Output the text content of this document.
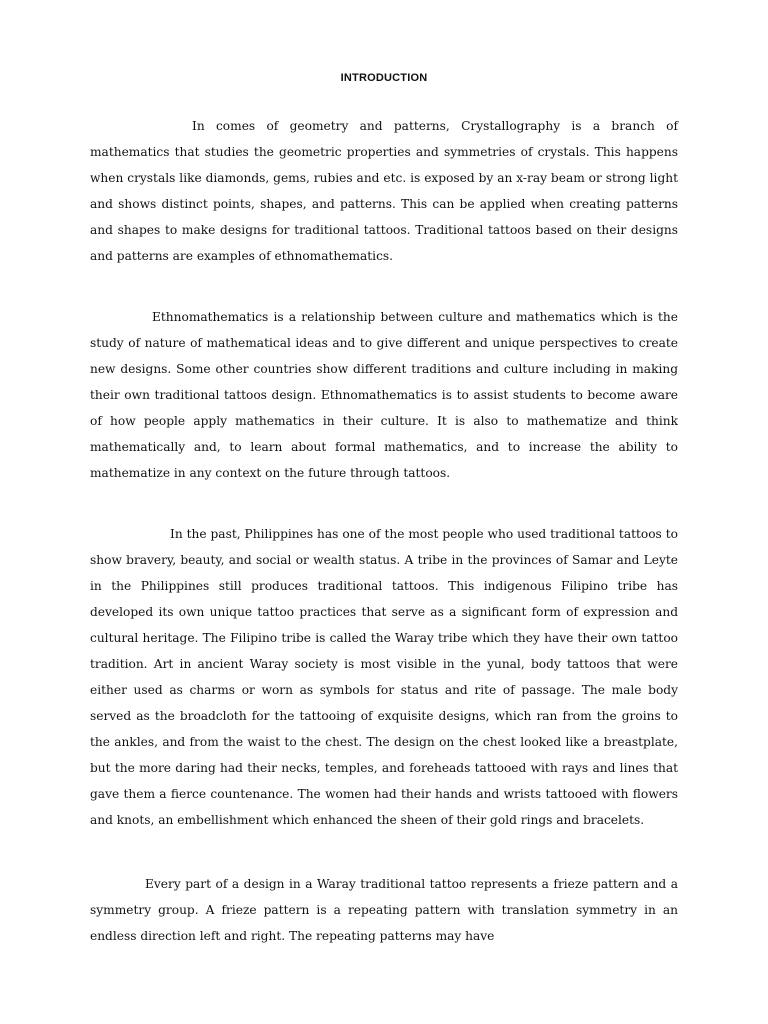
INTRODUCTION

In comes of geometry and patterns, Crystallography is a branch of mathematics that studies the geometric properties and symmetries of crystals. This happens when crystals like diamonds, gems, rubies and etc. is exposed by an x-ray beam or strong light and shows distinct points, shapes, and patterns. This can be applied when creating patterns and shapes to make designs for traditional tattoos. Traditional tattoos based on their designs and patterns are examples of ethnomathematics.

Ethnomathematics is a relationship between culture and mathematics which is the study of nature of mathematical ideas and to give different and unique perspectives to create new designs. Some other countries show different traditions and culture including in making their own traditional tattoos design. Ethnomathematics is to assist students to become aware of how people apply mathematics in their culture. It is also to mathematize and think mathematically and, to learn about formal mathematics, and to increase the ability to mathematize in any context on the future through tattoos.

In the past, Philippines has one of the most people who used traditional tattoos to show bravery, beauty, and social or wealth status. A tribe in the provinces of Samar and Leyte in the Philippines still produces traditional tattoos. This indigenous Filipino tribe has developed its own unique tattoo practices that serve as a significant form of expression and cultural heritage. The Filipino tribe is called the Waray tribe which they have their own tattoo tradition. Art in ancient Waray society is most visible in the yunal, body tattoos that were either used as charms or worn as symbols for status and rite of passage. The male body served as the broadcloth for the tattooing of exquisite designs, which ran from the groins to the ankles, and from the waist to the chest. The design on the chest looked like a breastplate, but the more daring had their necks, temples, and foreheads tattooed with rays and lines that gave them a fierce countenance. The women had their hands and wrists tattooed with flowers and knots, an embellishment which enhanced the sheen of their gold rings and bracelets.

Every part of a design in a Waray traditional tattoo represents a frieze pattern and a symmetry group. A frieze pattern is a repeating pattern with translation symmetry in an endless direction left and right. The repeating patterns may have
